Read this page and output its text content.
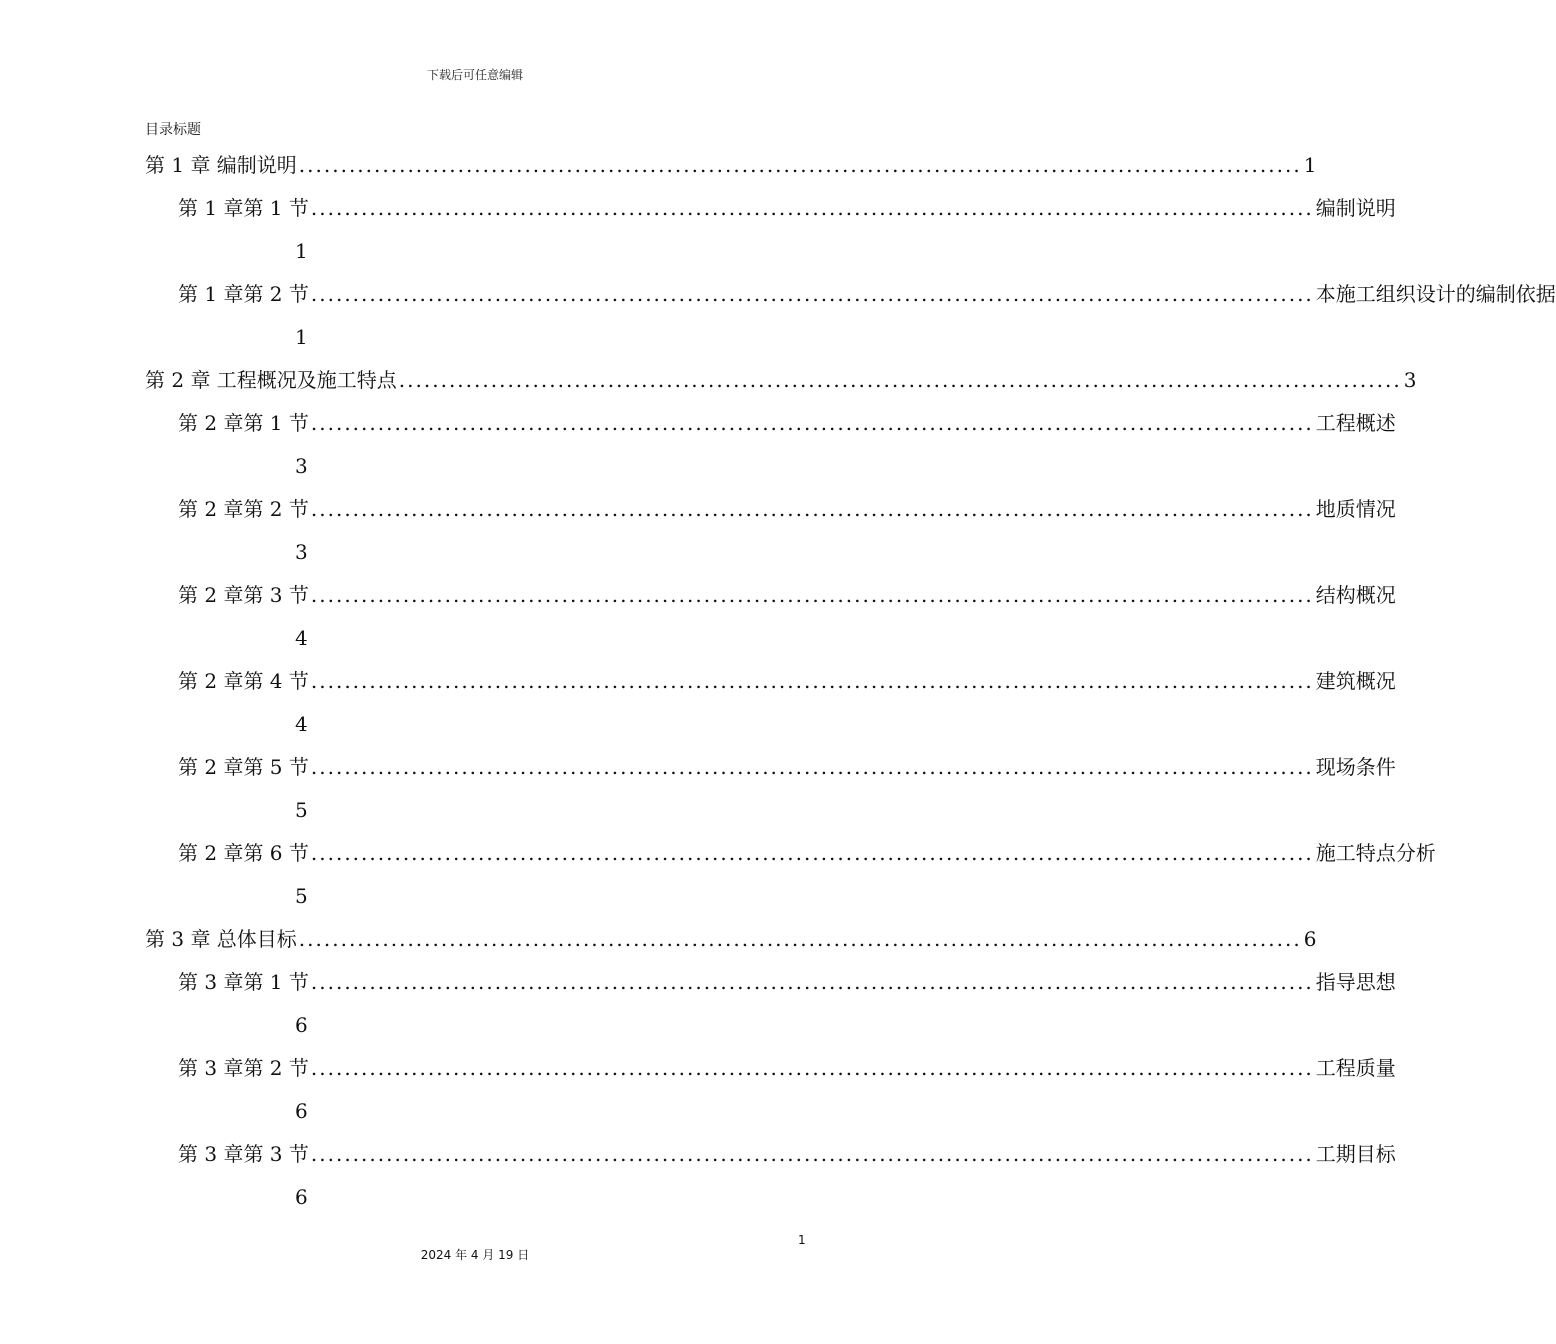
下载后可任意编辑
目录标题
第 1 章 编制说明 ........................................................................................................................ 1
第 1 章第 1 节 ........................................................................................................................ 编制说明
1
第 1 章第 2 节 ........................................................................................................................ 本施工组织设计的编制依据
1
第 2 章 工程概况及施工特点 ........................................................................................................................ 3
第 2 章第 1 节 ........................................................................................................................ 工程概述
3
第 2 章第 2 节 ........................................................................................................................ 地质情况
3
第 2 章第 3 节 ........................................................................................................................ 结构概况
4
第 2 章第 4 节 ........................................................................................................................ 建筑概况
4
第 2 章第 5 节 ........................................................................................................................ 现场条件
5
第 2 章第 6 节 ........................................................................................................................ 施工特点分析
5
第 3 章 总体目标 ........................................................................................................................ 6
第 3 章第 1 节 ........................................................................................................................ 指导思想
6
第 3 章第 2 节 ........................................................................................................................ 工程质量
6
第 3 章第 3 节 ........................................................................................................................ 工期目标
6
1
2024 年 4 月 19 日
